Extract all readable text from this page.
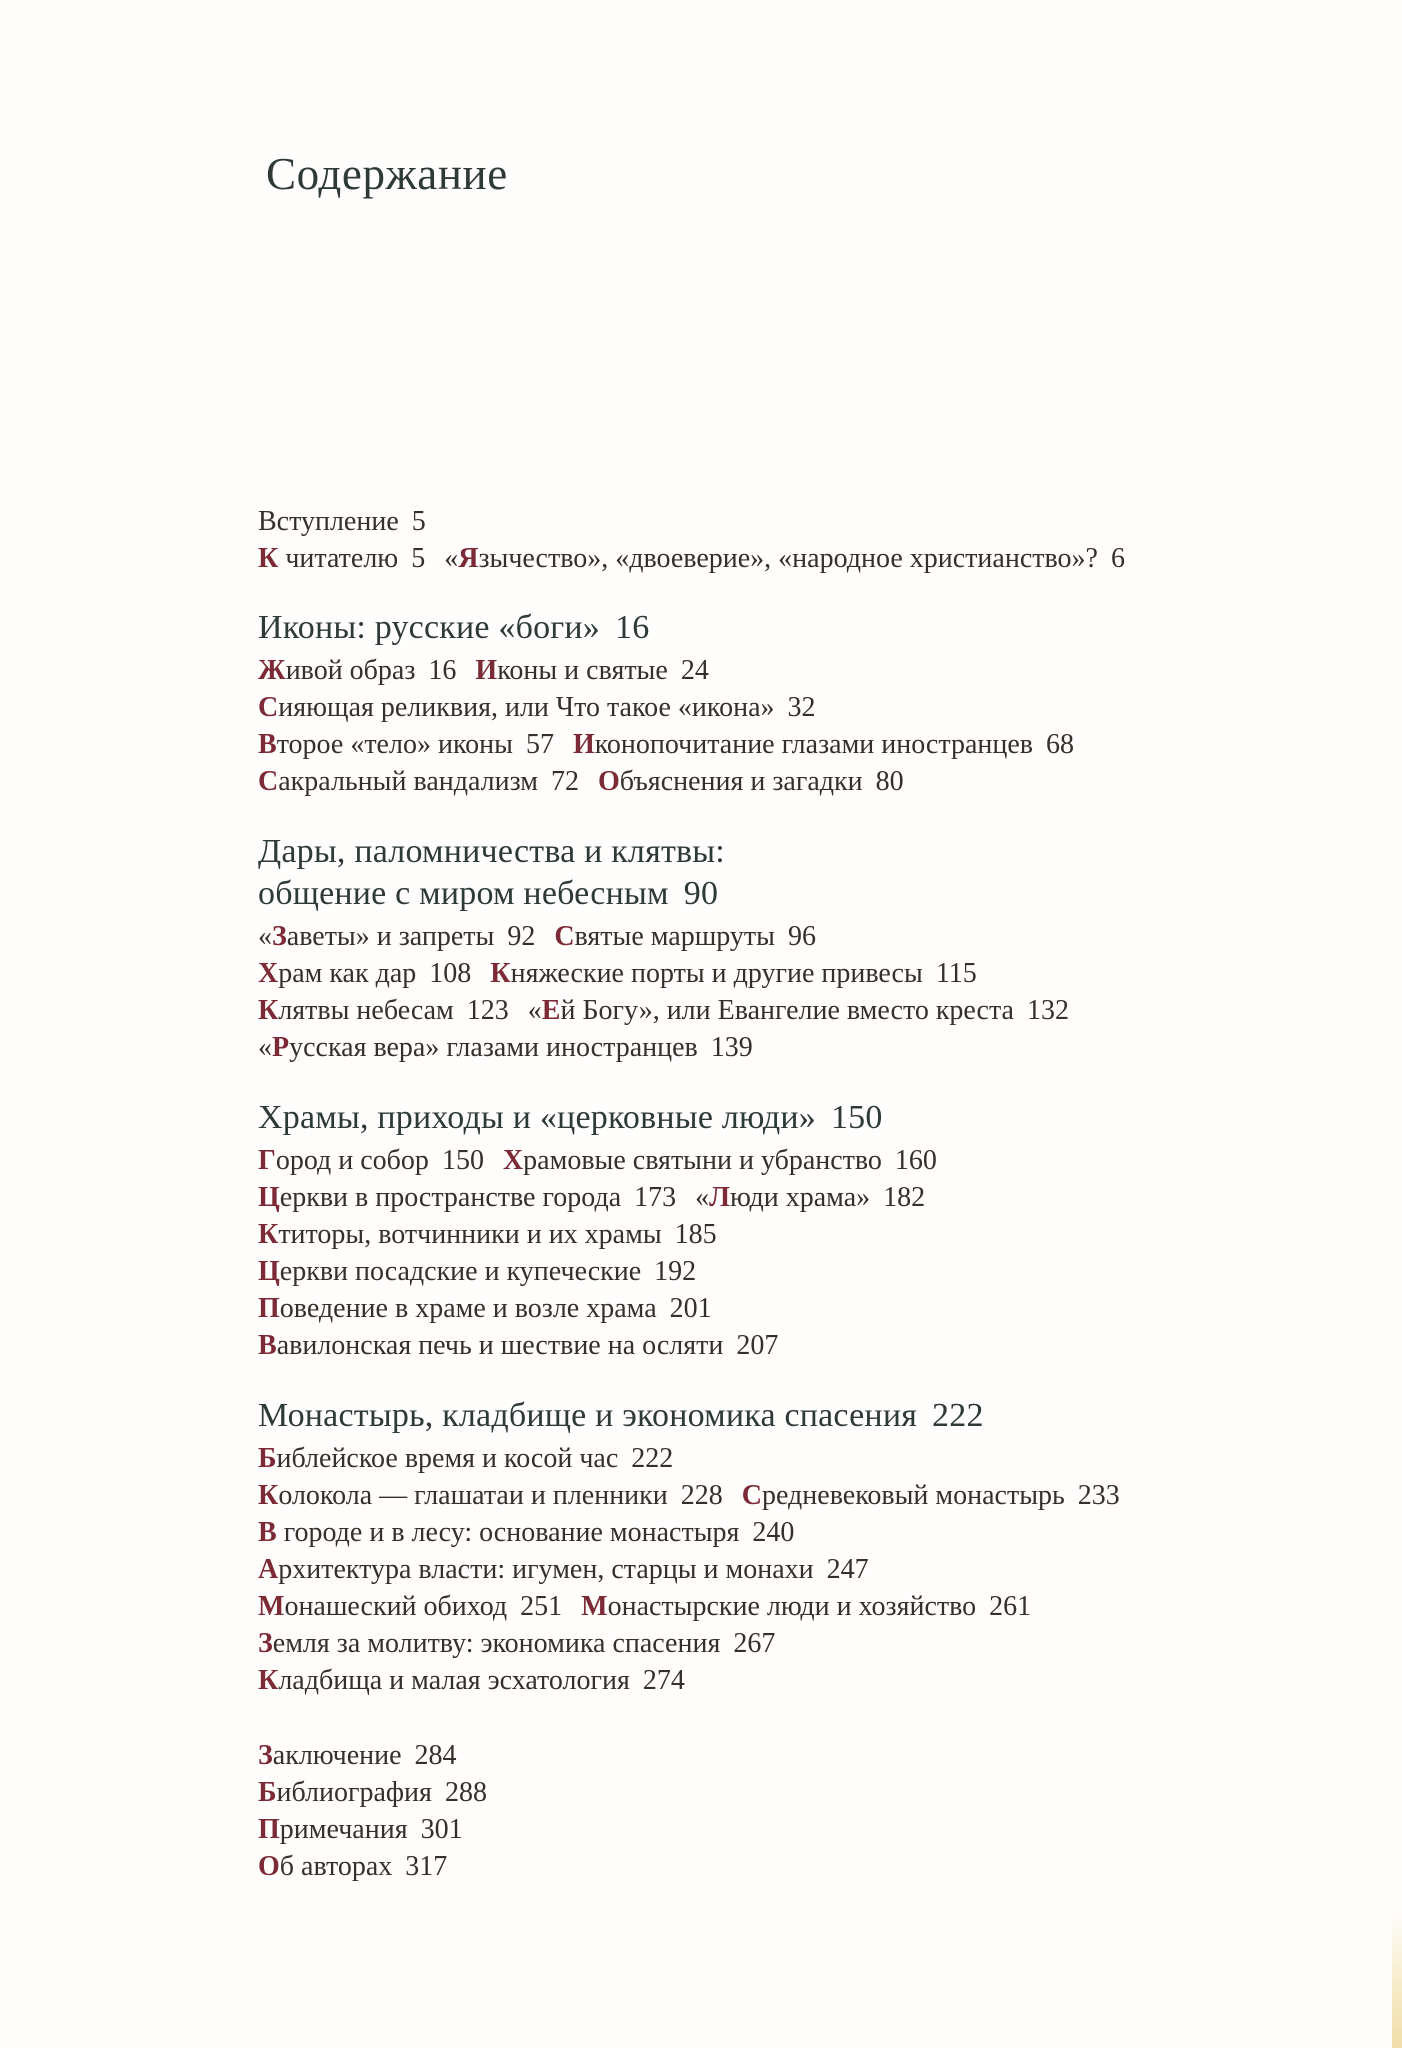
Содержание
Вступление 5
К читателю 5 «Язычество», «двоеверие», «народное христианство»? 6
Иконы: русские «боги» 16
Живой образ 16 Иконы и святые 24
Сияющая реликвия, или Что такое «икона» 32
Второе «тело» иконы 57 Иконопочитание глазами иностранцев 68
Сакральный вандализм 72 Объяснения и загадки 80
Дары, паломничества и клятвы:
общение с миром небесным 90
«Заветы» и запреты 92 Святые маршруты 96
Храм как дар 108 Княжеские порты и другие привесы 115
Клятвы небесам 123 «Ей Богу», или Евангелие вместо креста 132
«Русская вера» глазами иностранцев 139
Храмы, приходы и «церковные люди» 150
Город и собор 150 Храмовые святыни и убранство 160
Церкви в пространстве города 173 «Люди храма» 182
Ктиторы, вотчинники и их храмы 185
Церкви посадские и купеческие 192
Поведение в храме и возле храма 201
Вавилонская печь и шествие на осляти 207
Монастырь, кладбище и экономика спасения 222
Библейское время и косой час 222
Колокола — глашатаи и пленники 228 Средневековый монастырь 233
В городе и в лесу: основание монастыря 240
Архитектура власти: игумен, старцы и монахи 247
Монашеский обиход 251 Монастырские люди и хозяйство 261
Земля за молитву: экономика спасения 267
Кладбища и малая эсхатология 274
Заключение 284
Библиография 288
Примечания 301
Об авторах 317
